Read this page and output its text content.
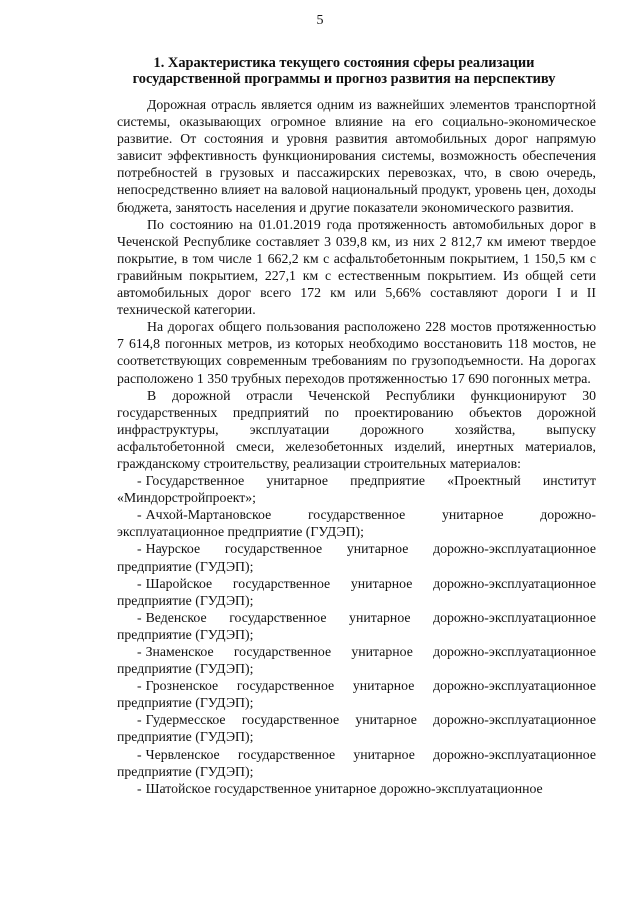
5
1. Характеристика текущего состояния сферы реализации государственной программы и прогноз развития на перспективу

Дорожная отрасль является одним из важнейших элементов транспортной системы, оказывающих огромное влияние на его социально-экономическое развитие. От состояния и уровня развития автомобильных дорог напрямую зависит эффективность функционирования системы, возможность обеспечения потребностей в грузовых и пассажирских перевозках, что, в свою очередь, непосредственно влияет на валовой национальный продукт, уровень цен, доходы бюджета, занятость населения и другие показатели экономического развития.

По состоянию на 01.01.2019 года протяженность автомобильных дорог в Чеченской Республике составляет 3 039,8 км, из них 2 812,7 км имеют твердое покрытие, в том числе 1 662,2 км с асфальтобетонным покрытием, 1 150,5 км с гравийным покрытием, 227,1 км с естественным покрытием. Из общей сети автомобильных дорог всего 172 км или 5,66% составляют дороги I и II технической категории.

На дорогах общего пользования расположено 228 мостов протяженностью 7 614,8 погонных метров, из которых необходимо восстановить 118 мостов, не соответствующих современным требованиям по грузоподъемности. На дорогах расположено 1 350 трубных переходов протяженностью 17 690 погонных метра.

В дорожной отрасли Чеченской Республики функционируют 30 государственных предприятий по проектированию объектов дорожной инфраструктуры, эксплуатации дорожного хозяйства, выпуску асфальтобетонной смеси, железобетонных изделий, инертных материалов, гражданскому строительству, реализации строительных материалов:

- Государственное унитарное предприятие «Проектный институт «Миндорстройпроект»;
- Ачхой-Мартановское государственное унитарное дорожно-эксплуатационное предприятие (ГУДЭП);
- Наурское государственное унитарное дорожно-эксплуатационное предприятие (ГУДЭП);
- Шаройское государственное унитарное дорожно-эксплуатационное предприятие (ГУДЭП);
- Веденское государственное унитарное дорожно-эксплуатационное предприятие (ГУДЭП);
- Знаменское государственное унитарное дорожно-эксплуатационное предприятие (ГУДЭП);
- Грозненское государственное унитарное дорожно-эксплуатационное предприятие (ГУДЭП);
- Гудермесское государственное унитарное дорожно-эксплуатационное предприятие (ГУДЭП);
- Червленское государственное унитарное дорожно-эксплуатационное предприятие (ГУДЭП);
- Шатойское государственное унитарное дорожно-эксплуатационное
